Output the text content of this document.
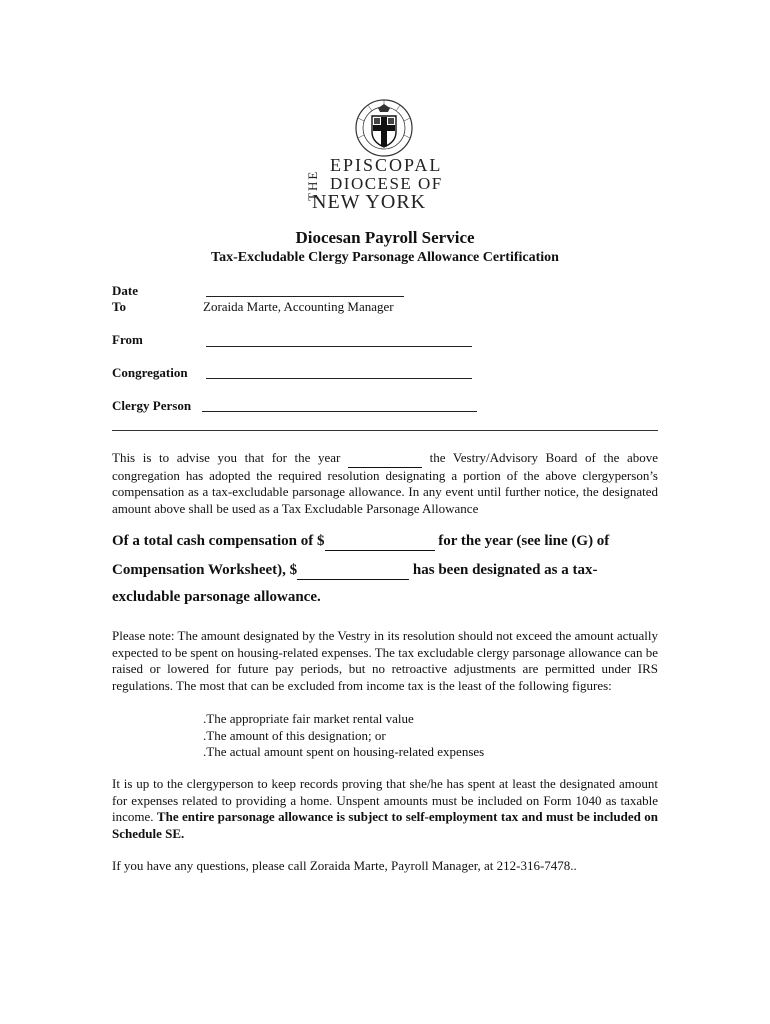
THE
EPISCOPAL
DIOCESE OF
NEW YORK
Diocesan Payroll Service
Tax-Excludable Clergy Parsonage Allowance Certification
Date
To	Zoraida Marte, Accounting Manager
From
Congregation
Clergy Person
This is to advise you that for the year	the Vestry/Advisory Board of the above congregation has adopted the required resolution designating a portion of the above clergyperson’s compensation as a tax-excludable parsonage allowance. In any event until further notice, the designated amount above shall be used as a Tax Excludable Parsonage Allowance
Of a total cash compensation of $	for the year (see line (G) of
Compensation Worksheet), $	has been designated as a tax-
excludable parsonage allowance.
Please note: The amount designated by the Vestry in its resolution should not exceed the amount actually expected to be spent on housing-related expenses. The tax excludable clergy parsonage allowance can be raised or lowered for future pay periods, but no retroactive adjustments are permitted under IRS regulations. The most that can be excluded from income tax is the least of the following figures:
.The appropriate fair market rental value
.The amount of this designation; or
.The actual amount spent on housing-related expenses
It is up to the clergyperson to keep records proving that she/he has spent at least the designated amount for expenses related to providing a home. Unspent amounts must be included on Form 1040 as taxable income. The entire parsonage allowance is subject to self-employment tax and must be included on Schedule SE.
If you have any questions, please call Zoraida Marte, Payroll Manager, at 212-316-7478..
